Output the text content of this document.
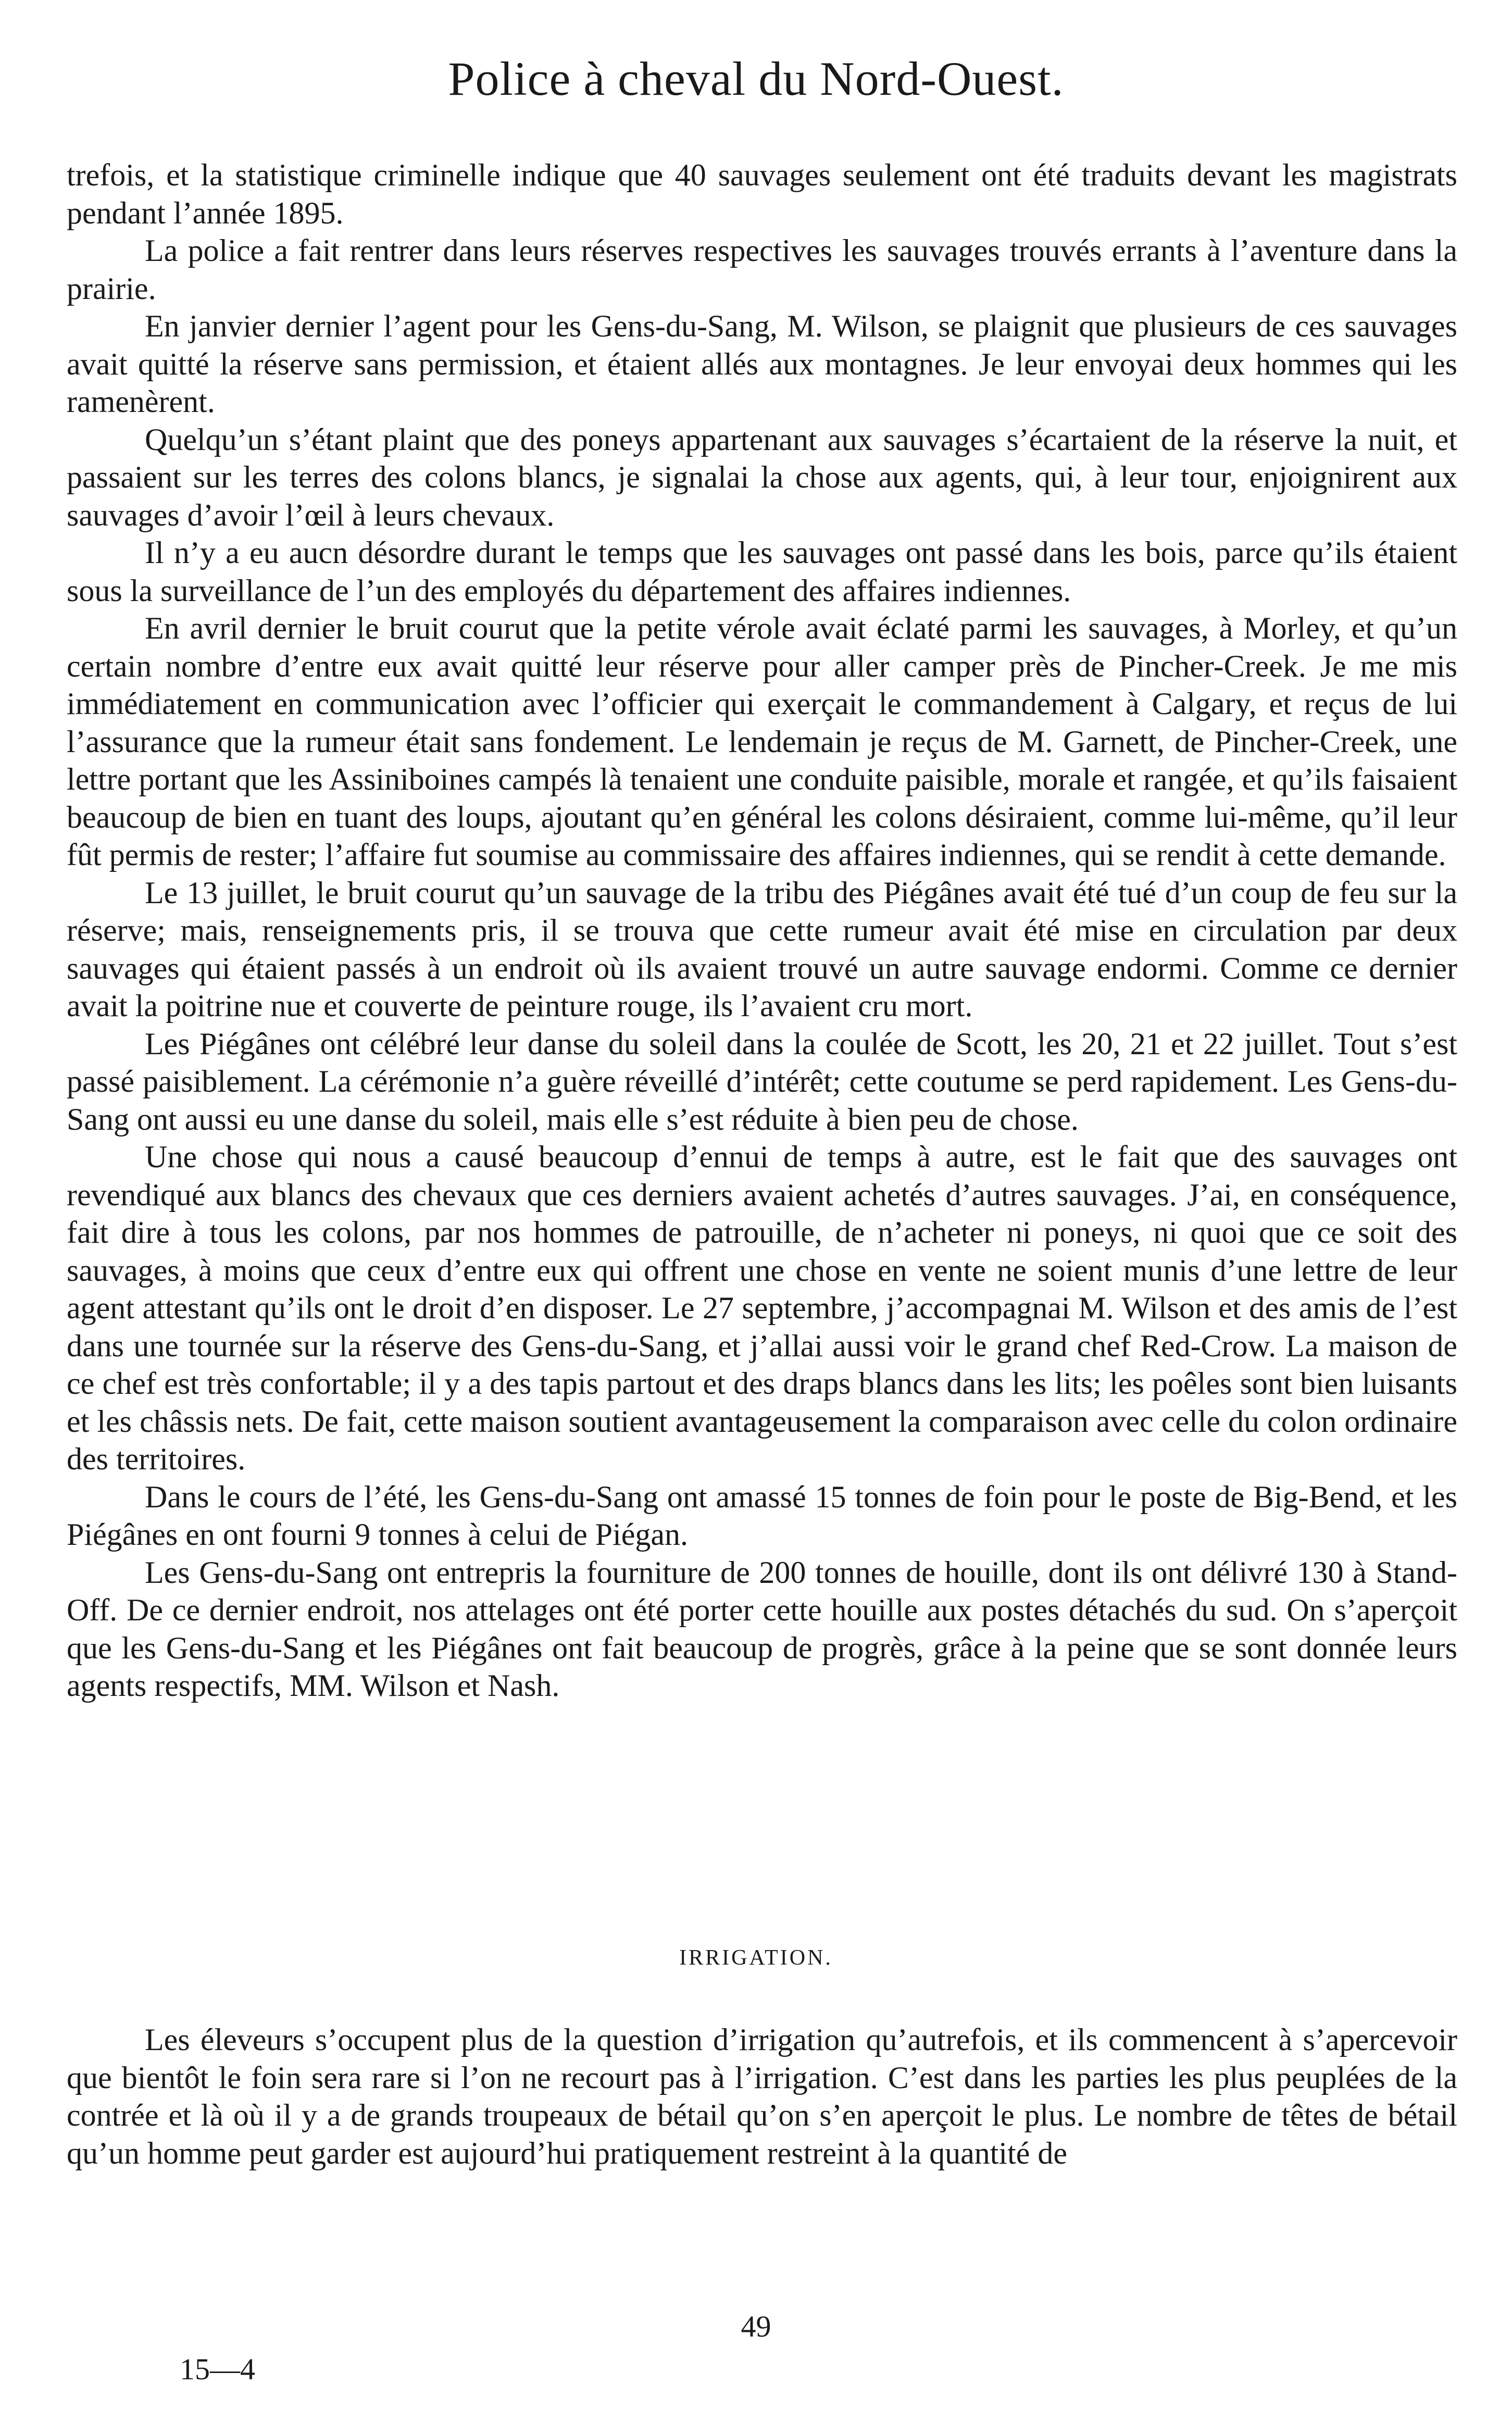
Police à cheval du Nord-Ouest.

trefois, et la statistique criminelle indique que 40 sauvages seulement ont été traduits devant les magistrats pendant l’année 1895.

La police a fait rentrer dans leurs réserves respectives les sauvages trouvés errants à l’aventure dans la prairie.

En janvier dernier l’agent pour les Gens-du-Sang, M. Wilson, se plaignit que plusieurs de ces sauvages avait quitté la réserve sans permission, et étaient allés aux montagnes. Je leur envoyai deux hommes qui les ramenèrent.

Quelqu’un s’étant plaint que des poneys appartenant aux sauvages s’écartaient de la réserve la nuit, et passaient sur les terres des colons blancs, je signalai la chose aux agents, qui, à leur tour, enjoignirent aux sauvages d’avoir l’œil à leurs chevaux.

Il n’y a eu aucn désordre durant le temps que les sauvages ont passé dans les bois, parce qu’ils étaient sous la surveillance de l’un des employés du département des affaires indiennes.

En avril dernier le bruit courut que la petite vérole avait éclaté parmi les sauvages, à Morley, et qu’un certain nombre d’entre eux avait quitté leur réserve pour aller camper près de Pincher-Creek. Je me mis immédiatement en communication avec l’officier qui exerçait le commandement à Calgary, et reçus de lui l’assurance que la rumeur était sans fondement. Le lendemain je reçus de M. Garnett, de Pincher-Creek, une lettre portant que les Assiniboines campés là tenaient une conduite paisible, morale et rangée, et qu’ils faisaient beaucoup de bien en tuant des loups, ajoutant qu’en général les colons désiraient, comme lui-même, qu’il leur fût permis de rester; l’affaire fut soumise au commissaire des affaires indiennes, qui se rendit à cette demande.

Le 13 juillet, le bruit courut qu’un sauvage de la tribu des Piégânes avait été tué d’un coup de feu sur la réserve; mais, renseignements pris, il se trouva que cette rumeur avait été mise en circulation par deux sauvages qui étaient passés à un endroit où ils avaient trouvé un autre sauvage endormi. Comme ce dernier avait la poitrine nue et couverte de peinture rouge, ils l’avaient cru mort.

Les Piégânes ont célébré leur danse du soleil dans la coulée de Scott, les 20, 21 et 22 juillet. Tout s’est passé paisiblement. La cérémonie n’a guère réveillé d’intérêt; cette coutume se perd rapidement. Les Gens-du-Sang ont aussi eu une danse du soleil, mais elle s’est réduite à bien peu de chose.

Une chose qui nous a causé beaucoup d’ennui de temps à autre, est le fait que des sauvages ont revendiqué aux blancs des chevaux que ces derniers avaient achetés d’autres sauvages. J’ai, en conséquence, fait dire à tous les colons, par nos hommes de patrouille, de n’acheter ni poneys, ni quoi que ce soit des sauvages, à moins que ceux d’entre eux qui offrent une chose en vente ne soient munis d’une lettre de leur agent attestant qu’ils ont le droit d’en disposer. Le 27 septembre, j’accompagnai M. Wilson et des amis de l’est dans une tournée sur la réserve des Gens-du-Sang, et j’allai aussi voir le grand chef Red-Crow. La maison de ce chef est très confortable; il y a des tapis partout et des draps blancs dans les lits; les poêles sont bien luisants et les châssis nets. De fait, cette maison soutient avantageusement la comparaison avec celle du colon ordinaire des territoires.

Dans le cours de l’été, les Gens-du-Sang ont amassé 15 tonnes de foin pour le poste de Big-Bend, et les Piégânes en ont fourni 9 tonnes à celui de Piégan.

Les Gens-du-Sang ont entrepris la fourniture de 200 tonnes de houille, dont ils ont délivré 130 à Stand-Off. De ce dernier endroit, nos attelages ont été porter cette houille aux postes détachés du sud. On s’aperçoit que les Gens-du-Sang et les Piégânes ont fait beaucoup de progrès, grâce à la peine que se sont donnée leurs agents respectifs, MM. Wilson et Nash.

IRRIGATION.

Les éleveurs s’occupent plus de la question d’irrigation qu’autrefois, et ils commencent à s’apercevoir que bientôt le foin sera rare si l’on ne recourt pas à l’irrigation. C’est dans les parties les plus peuplées de la contrée et là où il y a de grands troupeaux de bétail qu’on s’en aperçoit le plus. Le nombre de têtes de bétail qu’un homme peut garder est aujourd’hui pratiquement restreint à la quantité de

49
15—4
